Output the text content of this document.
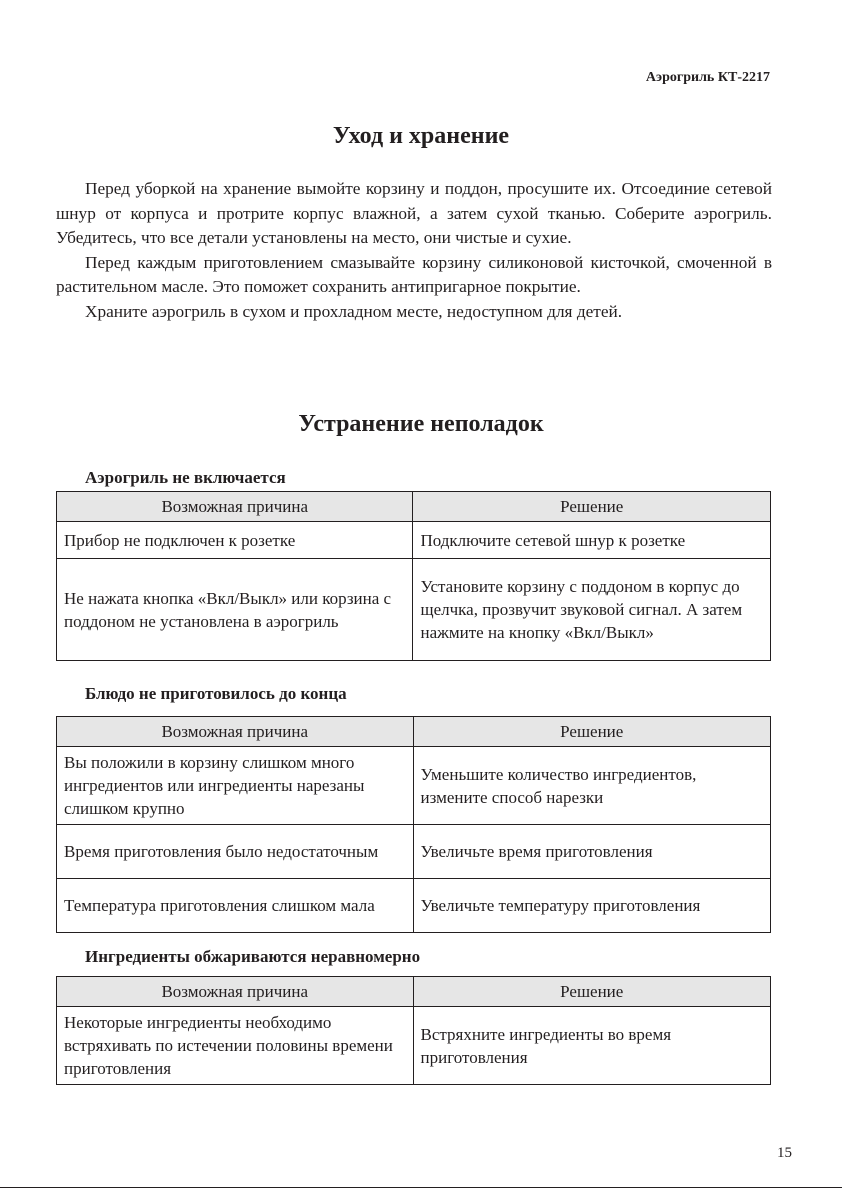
Аэрогриль КТ-2217
Уход и хранение

Перед уборкой на хранение вымойте корзину и поддон, просушите их. Отсоединие сетевой шнур от корпуса и протрите корпус влажной, а затем сухой тканью. Соберите аэрогриль. Убедитесь, что все детали установлены на место, они чистые и сухие.

Перед каждым приготовлением смазывайте корзину силиконовой кисточкой, смоченной в растительном масле. Это поможет сохранить антипригарное покрытие.

Храните аэрогриль в сухом и прохладном месте, недоступном для детей.

Устранение неполадок
Аэрогриль не включается
Возможная причина	Решение
Прибор не подключен к розетке	Подключите сетевой шнур к розетке
Не нажата кнопка «Вкл/Выкл» или корзина с поддоном не установлена в аэрогриль	Установите корзину с поддоном в корпус до щелчка, прозвучит звуковой сигнал. А затем нажмите на кнопку «Вкл/Выкл»
Блюдо не приготовилось до конца
Возможная причина	Решение
Вы положили в корзину слишком много ингредиентов или ингредиенты нарезаны слишком крупно	Уменьшите количество ингредиентов, измените способ нарезки
Время приготовления было недостаточным	Увеличьте время приготовления
Температура приготовления слишком мала	Увеличьте температуру приготовления
Ингредиенты обжариваются неравномерно
Возможная причина	Решение
Некоторые ингредиенты необходимо встряхивать по истечении половины времени приготовления	Встряхните ингредиенты во время приготовления
15
